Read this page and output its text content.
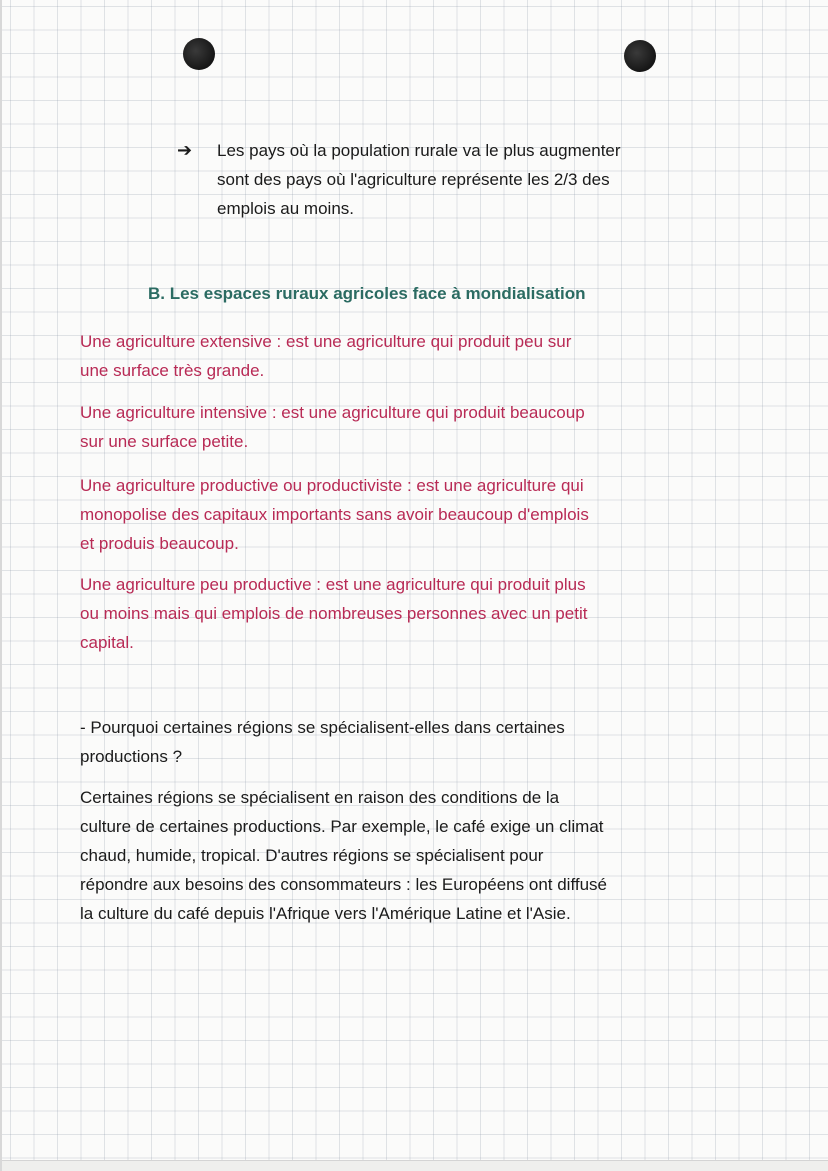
➔	Les pays où la population rurale va le plus augmenter
sont des pays où l'agriculture représente les 2/3 des
emplois au moins.
B. Les espaces ruraux agricoles face à mondialisation
Une agriculture extensive : est une agriculture qui produit peu sur
une surface très grande.
Une agriculture intensive : est une agriculture qui produit beaucoup
sur une surface petite.
Une agriculture productive ou productiviste : est une agriculture qui
monopolise des capitaux importants sans avoir beaucoup d'emplois
et produis beaucoup.
Une agriculture peu productive : est une agriculture qui produit plus
ou moins mais qui emplois de nombreuses personnes avec un petit
capital.
- Pourquoi certaines régions se spécialisent-elles dans certaines
productions ?
Certaines régions se spécialisent en raison des conditions de la
culture de certaines productions. Par exemple, le café exige un climat
chaud, humide, tropical. D'autres régions se spécialisent pour
répondre aux besoins des consommateurs : les Européens ont diffusé
la culture du café depuis l'Afrique vers l'Amérique Latine et l'Asie.
